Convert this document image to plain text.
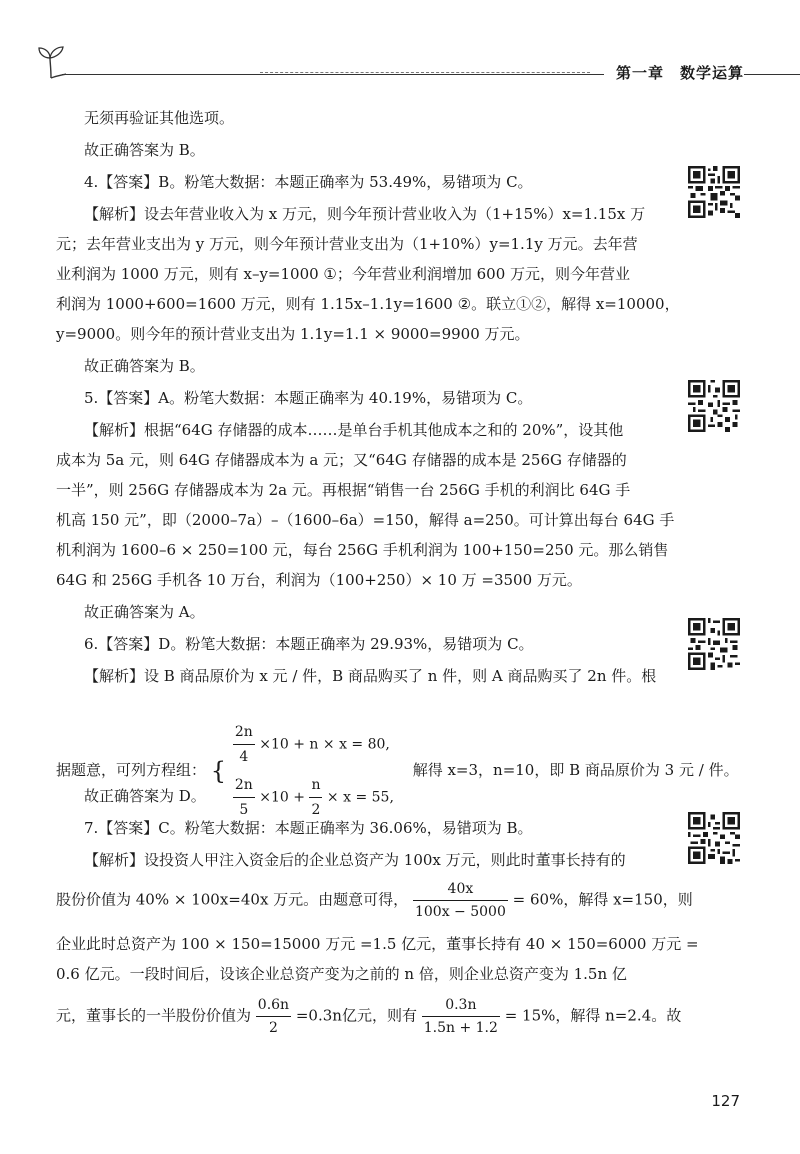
第一章　数学运算
无须再验证其他选项。
故正确答案为 B。
4.【答案】B。粉笔大数据：本题正确率为 53.49%，易错项为 C。
【解析】设去年营业收入为 x 万元，则今年预计营业收入为（1+15%）x=1.15x 万
元；去年营业支出为 y 万元，则今年预计营业支出为（1+10%）y=1.1y 万元。去年营
业利润为 1000 万元，则有 x–y=1000 ①；今年营业利润增加 600 万元，则今年营业
利润为 1000+600=1600 万元，则有 1.15x–1.1y=1600 ②。联立①②，解得 x=10000，
y=9000。则今年的预计营业支出为 1.1y=1.1 × 9000=9900 万元。
故正确答案为 B。
5.【答案】A。粉笔大数据：本题正确率为 40.19%，易错项为 C。
【解析】根据“64G 存储器的成本……是单台手机其他成本之和的 20%”，设其他
成本为 5a 元，则 64G 存储器成本为 a 元；又“64G 存储器的成本是 256G 存储器的
一半”，则 256G 存储器成本为 2a 元。再根据“销售一台 256G 手机的利润比 64G 手
机高 150 元”，即（2000–7a）–（1600–6a）=150，解得 a=250。可计算出每台 64G 手
机利润为 1600–6 × 250=100 元，每台 256G 手机利润为 100+150=250 元。那么销售
64G 和 256G 手机各 10 万台，利润为（100+250）× 10 万 =3500 万元。
故正确答案为 A。
6.【答案】D。粉笔大数据：本题正确率为 29.93%，易错项为 C。
【解析】设 B 商品原价为 x 元 / 件，B 商品购买了 n 件，则 A 商品购买了 2n 件。根
据题意，可列方程组： {
$\frac{2n}{4} \times 10 + n \times x = 80$,
$\frac{2n}{5} \times 10 + \frac{n}{2} \times x = 55$,
解得 x=3，n=10，即 B 商品原价为 3 元 / 件。
故正确答案为 D。
7.【答案】C。粉笔大数据：本题正确率为 36.06%，易错项为 B。
【解析】设投资人甲注入资金后的企业总资产为 100x 万元，则此时董事长持有的
股份价值为 40% × 100x=40x 万元。由题意可得， $\frac{40x}{100x - 5000} = 60\%$，解得 x=150，则
企业此时总资产为 100 × 150=15000 万元 =1.5 亿元，董事长持有 40 × 150=6000 万元 =
0.6 亿元。一段时间后，设该企业总资产变为之前的 n 倍，则企业总资产变为 1.5n 亿
元，董事长的一半股份价值为 $\frac{0.6n}{2} =0.3n$亿元，则有 $\frac{0.3n}{1.5n + 1.2} = 15\%$，解得 n=2.4。故
127
